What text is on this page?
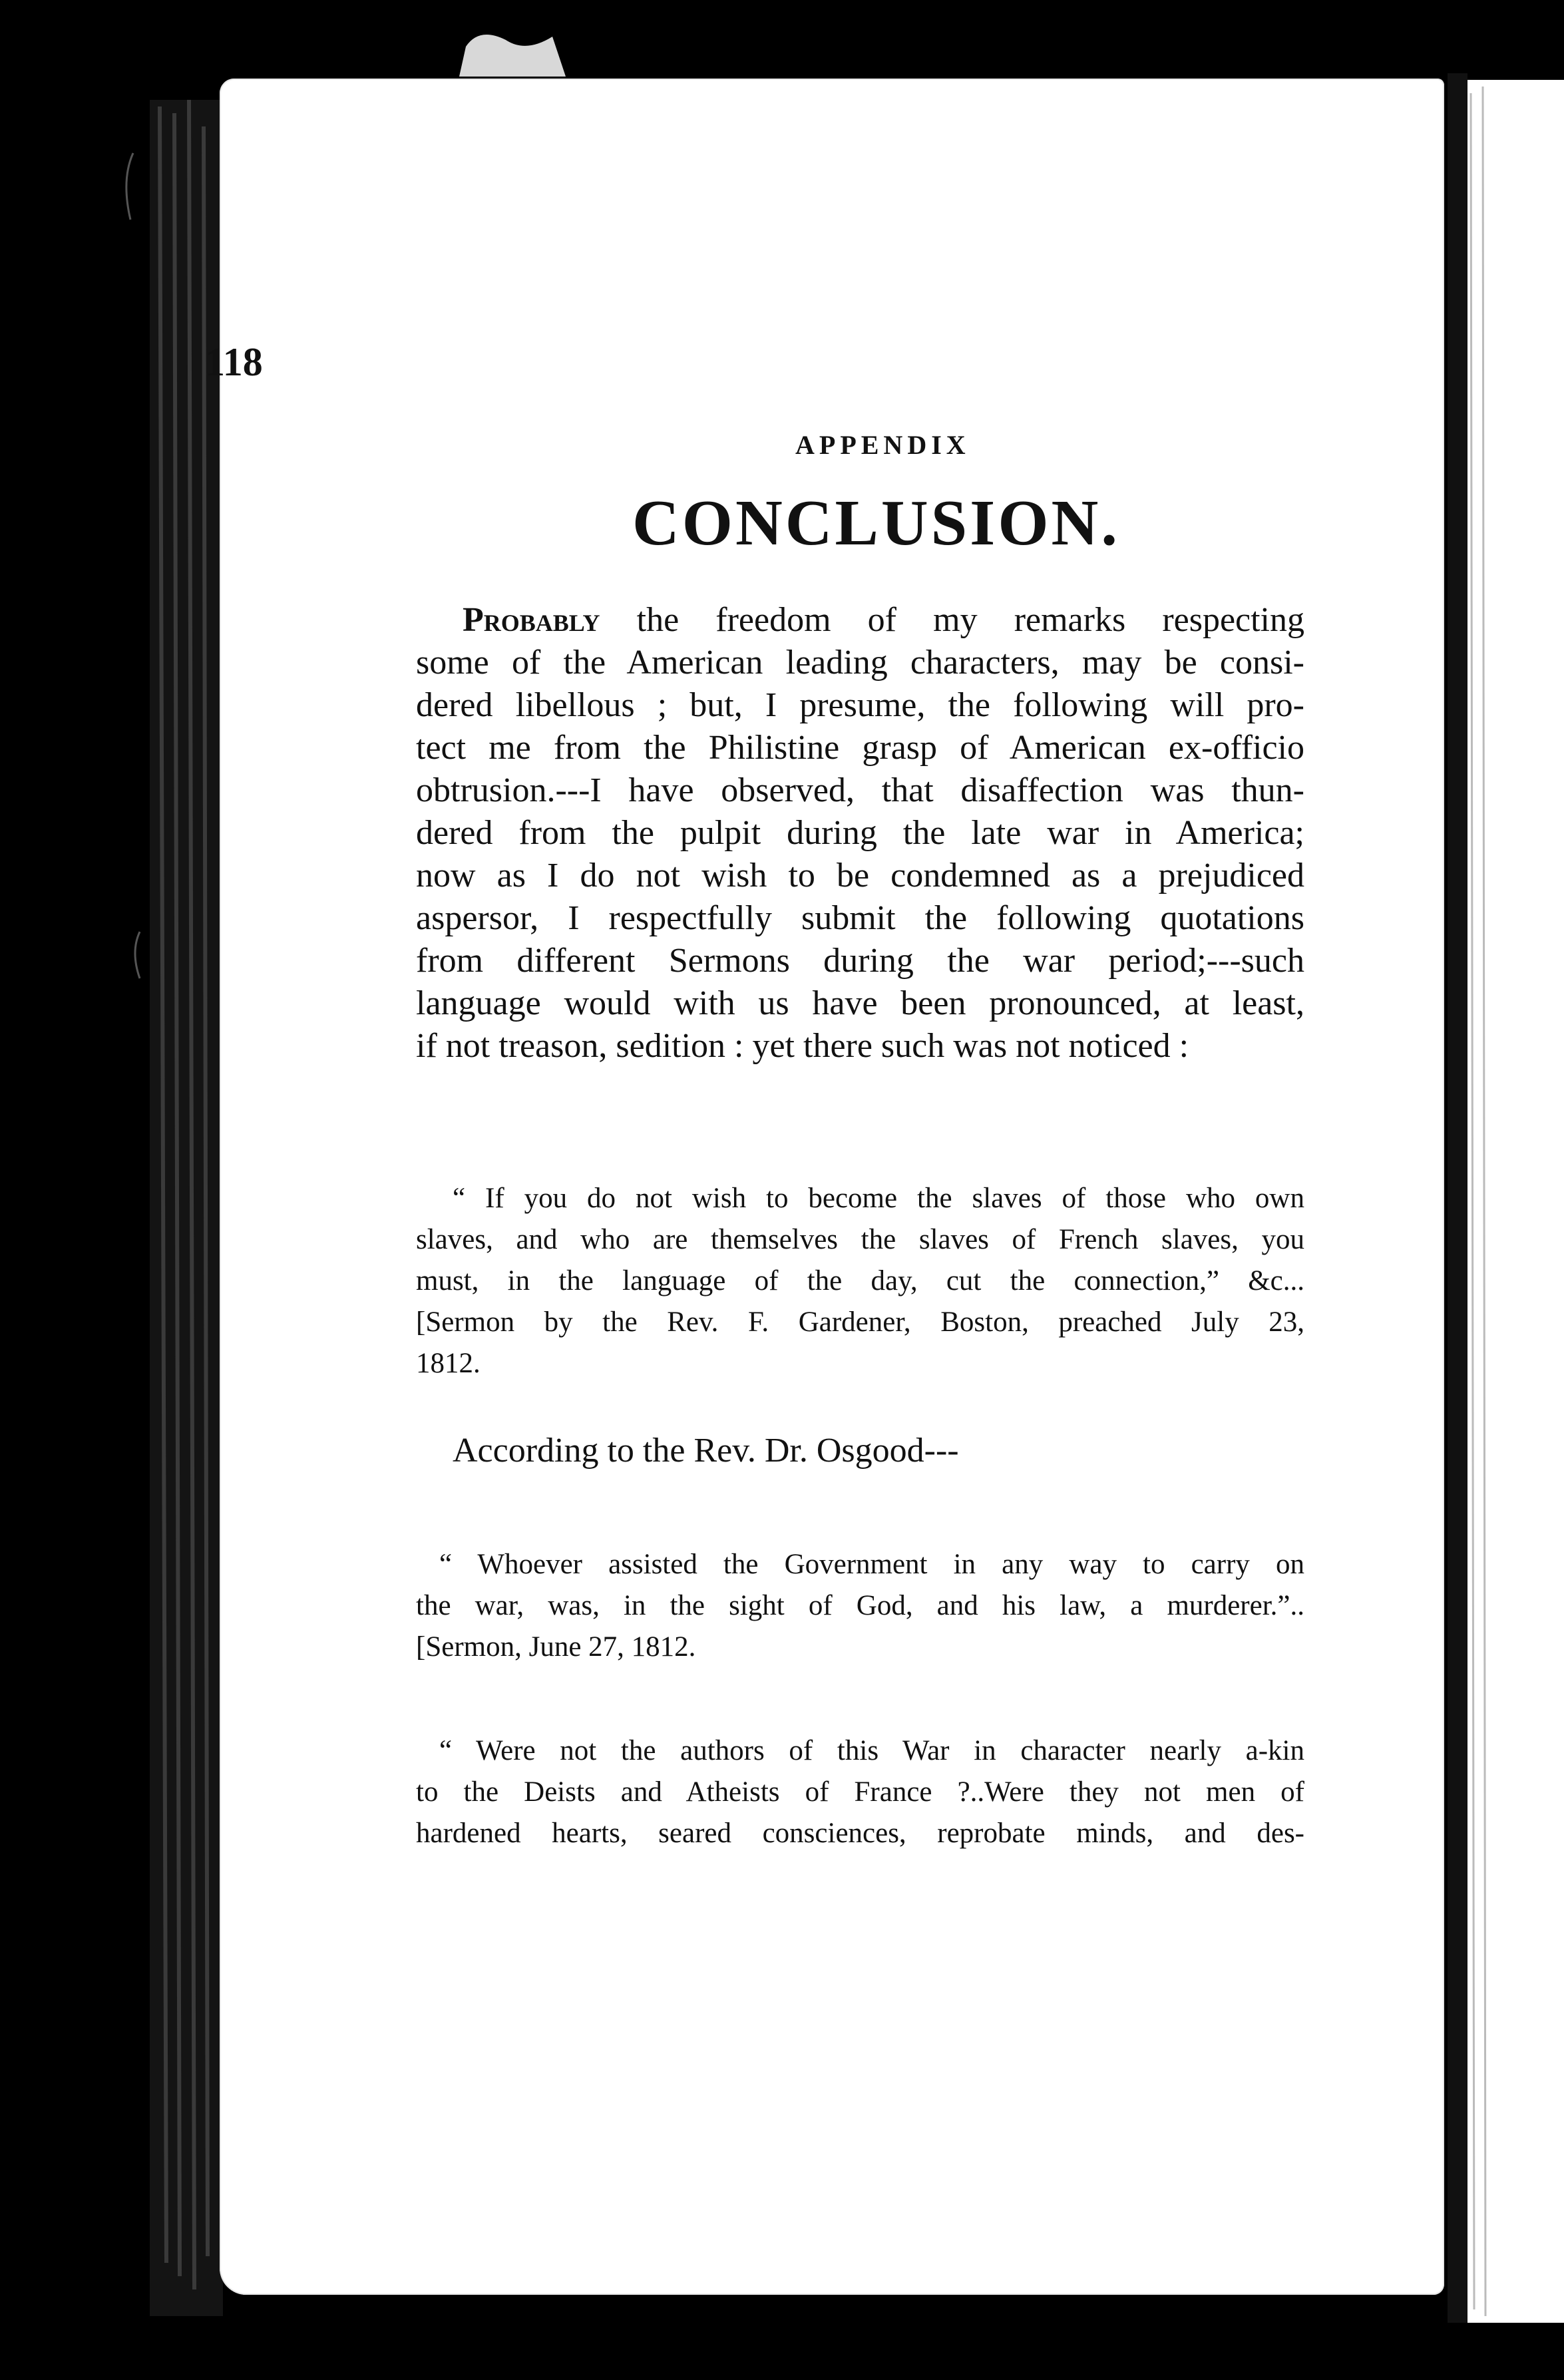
118
APPENDIX
CONCLUSION.
Probably the freedom of my remarks respecting
some of the American leading characters, may be consi-
dered libellous ; but, I presume, the following will pro-
tect me from the Philistine grasp of American ex-officio
obtrusion.---I have observed, that disaffection was thun-
dered from the pulpit during the late war in America;
now as I do not wish to be condemned as a prejudiced
aspersor, I respectfully submit the following quotations
from different Sermons during the war period;---such
language would with us have been pronounced, at least,
if not treason, sedition : yet there such was not noticed :
“ If you do not wish to become the slaves of those who own
slaves, and who are themselves the slaves of French slaves, you
must, in the language of the day, cut the connection,” &c...
[Sermon by the Rev. F. Gardener, Boston, preached July 23,
1812.
According to the Rev. Dr. Osgood---
“ Whoever assisted the Government in any way to carry on
the war, was, in the sight of God, and his law, a murderer.”..
[Sermon, June 27, 1812.
“ Were not the authors of this War in character nearly a-kin
to the Deists and Atheists of France ?..Were they not men of
hardened hearts, seared consciences, reprobate minds, and des-
